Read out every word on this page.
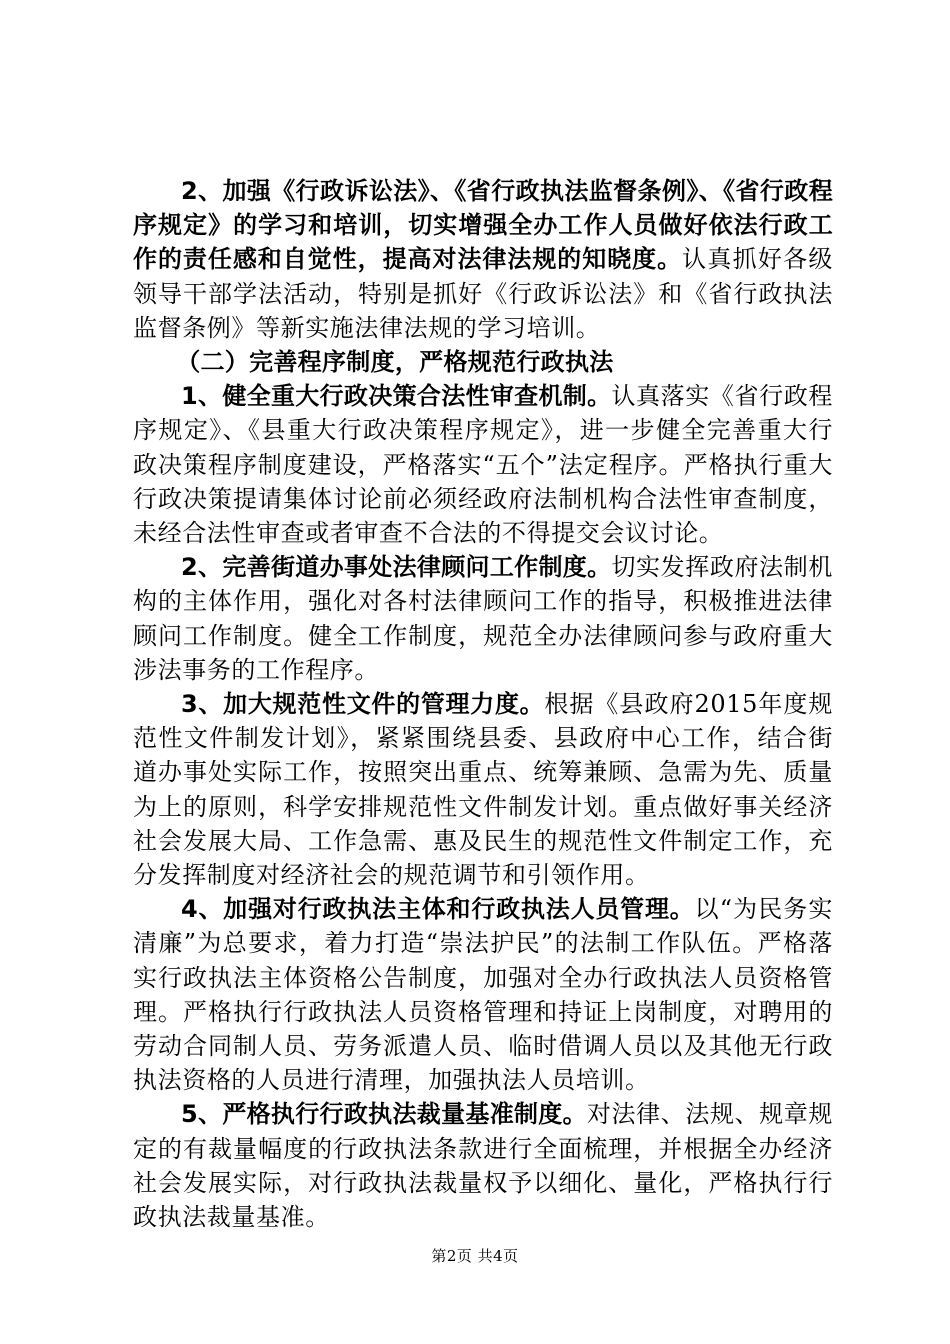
2、加强《行政诉讼法》、《省行政执法监督条例》、《省行政程序规定》的学习和培训，切实增强全办工作人员做好依法行政工作的责任感和自觉性，提高对法律法规的知晓度。认真抓好各级领导干部学法活动，特别是抓好《行政诉讼法》和《省行政执法监督条例》等新实施法律法规的学习培训。

（二）完善程序制度，严格规范行政执法

1、健全重大行政决策合法性审查机制。认真落实《省行政程序规定》、《县重大行政决策程序规定》，进一步健全完善重大行政决策程序制度建设，严格落实“五个”法定程序。严格执行重大行政决策提请集体讨论前必须经政府法制机构合法性审查制度，未经合法性审查或者审查不合法的不得提交会议讨论。

2、完善街道办事处法律顾问工作制度。切实发挥政府法制机构的主体作用，强化对各村法律顾问工作的指导，积极推进法律顾问工作制度。健全工作制度，规范全办法律顾问参与政府重大涉法事务的工作程序。

3、加大规范性文件的管理力度。根据《县政府2015年度规范性文件制发计划》，紧紧围绕县委、县政府中心工作，结合街道办事处实际工作，按照突出重点、统筹兼顾、急需为先、质量为上的原则，科学安排规范性文件制发计划。重点做好事关经济社会发展大局、工作急需、惠及民生的规范性文件制定工作，充分发挥制度对经济社会的规范调节和引领作用。

4、加强对行政执法主体和行政执法人员管理。以“为民务实清廉”为总要求，着力打造“崇法护民”的法制工作队伍。严格落实行政执法主体资格公告制度，加强对全办行政执法人员资格管理。严格执行行政执法人员资格管理和持证上岗制度，对聘用的劳动合同制人员、劳务派遣人员、临时借调人员以及其他无行政执法资格的人员进行清理，加强执法人员培训。

5、严格执行行政执法裁量基准制度。对法律、法规、规章规定的有裁量幅度的行政执法条款进行全面梳理，并根据全办经济社会发展实际，对行政执法裁量权予以细化、量化，严格执行行政执法裁量基准。

第2页 共4页
